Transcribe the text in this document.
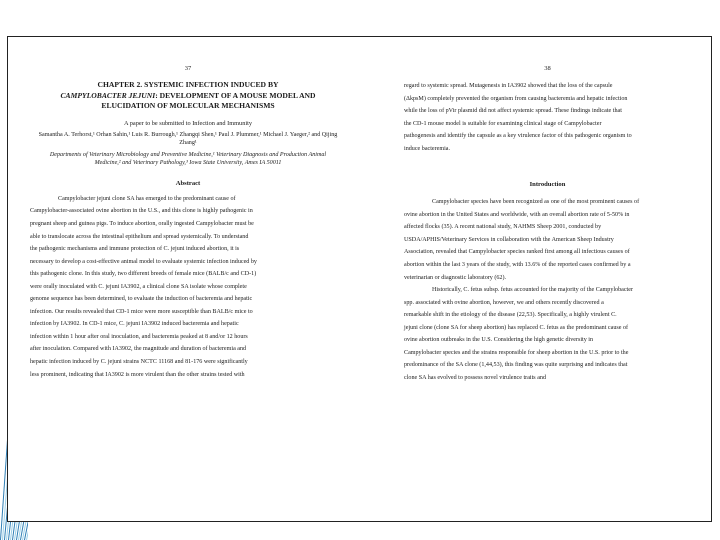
37
CHAPTER 2. SYSTEMIC INFECTION INDUCED BY
CAMPYLOBACTER JEJUNI: DEVELOPMENT OF A MOUSE MODEL AND ELUCIDATION OF MOLECULAR MECHANISMS
A paper to be submitted to Infection and Immunity
Samantha A. Terhorst,¹ Orhan Sahin,¹ Luis R. Burrough,¹ Zhangqi Shen,¹ Paul J. Plummer,¹ Michael J. Yaeger,² and Qijing Zhang¹
Departments of Veterinary Microbiology and Preventive Medicine,¹ Veterinary Diagnosis and Production Animal Medicine,² and Veterinary Pathology,³ Iowa State University, Ames IA 50011
Abstract

Campylobacter jejuni clone SA has emerged to the predominant cause of

Campylobacter-associated ovine abortion in the U.S., and this clone is highly pathogenic in

pregnant sheep and guinea pigs. To induce abortion, orally ingested Campylobacter must be

able to translocate across the intestinal epithelium and spread systemically. To understand

the pathogenic mechanisms and immune protection of C. jejuni induced abortion, it is

necessary to develop a cost-effective animal model to evaluate systemic infection induced by

this pathogenic clone. In this study, two different breeds of female mice (BALB/c and CD-1)

were orally inoculated with C. jejuni IA3902, a clinical clone SA isolate whose complete

genome sequence has been determined, to evaluate the induction of bacteremia and hepatic

infection. Our results revealed that CD-1 mice were more susceptible than BALB/c mice to

infection by IA3902. In CD-1 mice, C. jejuni IA3902 induced bacteremia and hepatic

infection within 1 hour after oral inoculation, and bacteremia peaked at 8 and/or 12 hours

after inoculation. Compared with IA3902, the magnitude and duration of bacteremia and

hepatic infection induced by C. jejuni strains NCTC 11168 and 81-176 were significantly

less prominent, indicating that IA3902 is more virulent than the other strains tested with

38

regard to systemic spread. Mutagenesis in IA3902 showed that the loss of the capsule

(ΔkpsM) completely prevented the organism from causing bacteremia and hepatic infection

while the loss of pVir plasmid did not affect systemic spread. These findings indicate that

the CD-1 mouse model is suitable for examining clinical stage of Campylobacter

pathogenesis and identify the capsule as a key virulence factor of this pathogenic organism to

induce bacteremia.

Introduction

Campylobacter species have been recognized as one of the most prominent causes of

ovine abortion in the United States and worldwide, with an overall abortion rate of 5-50% in

affected flocks (35). A recent national study, NAHMS Sheep 2001, conducted by

USDA/APHIS/Veterinary Services in collaboration with the American Sheep Industry

Association, revealed that Campylobacter species ranked first among all infectious causes of

abortion within the last 3 years of the study, with 13.6% of the reported cases confirmed by a

veterinarian or diagnostic laboratory (62).

Historically, C. fetus subsp. fetus accounted for the majority of the Campylobacter

spp. associated with ovine abortion, however, we and others recently discovered a

remarkable shift in the etiology of the disease (22,53). Specifically, a highly virulent C.

jejuni clone (clone SA for sheep abortion) has replaced C. fetus as the predominant cause of

ovine abortion outbreaks in the U.S. Considering the high genetic diversity in

Campylobacter species and the strains responsible for sheep abortion in the U.S. prior to the

predominance of the SA clone (1,44,53), this finding was quite surprising and indicates that

clone SA has evolved to possess novel virulence traits and
